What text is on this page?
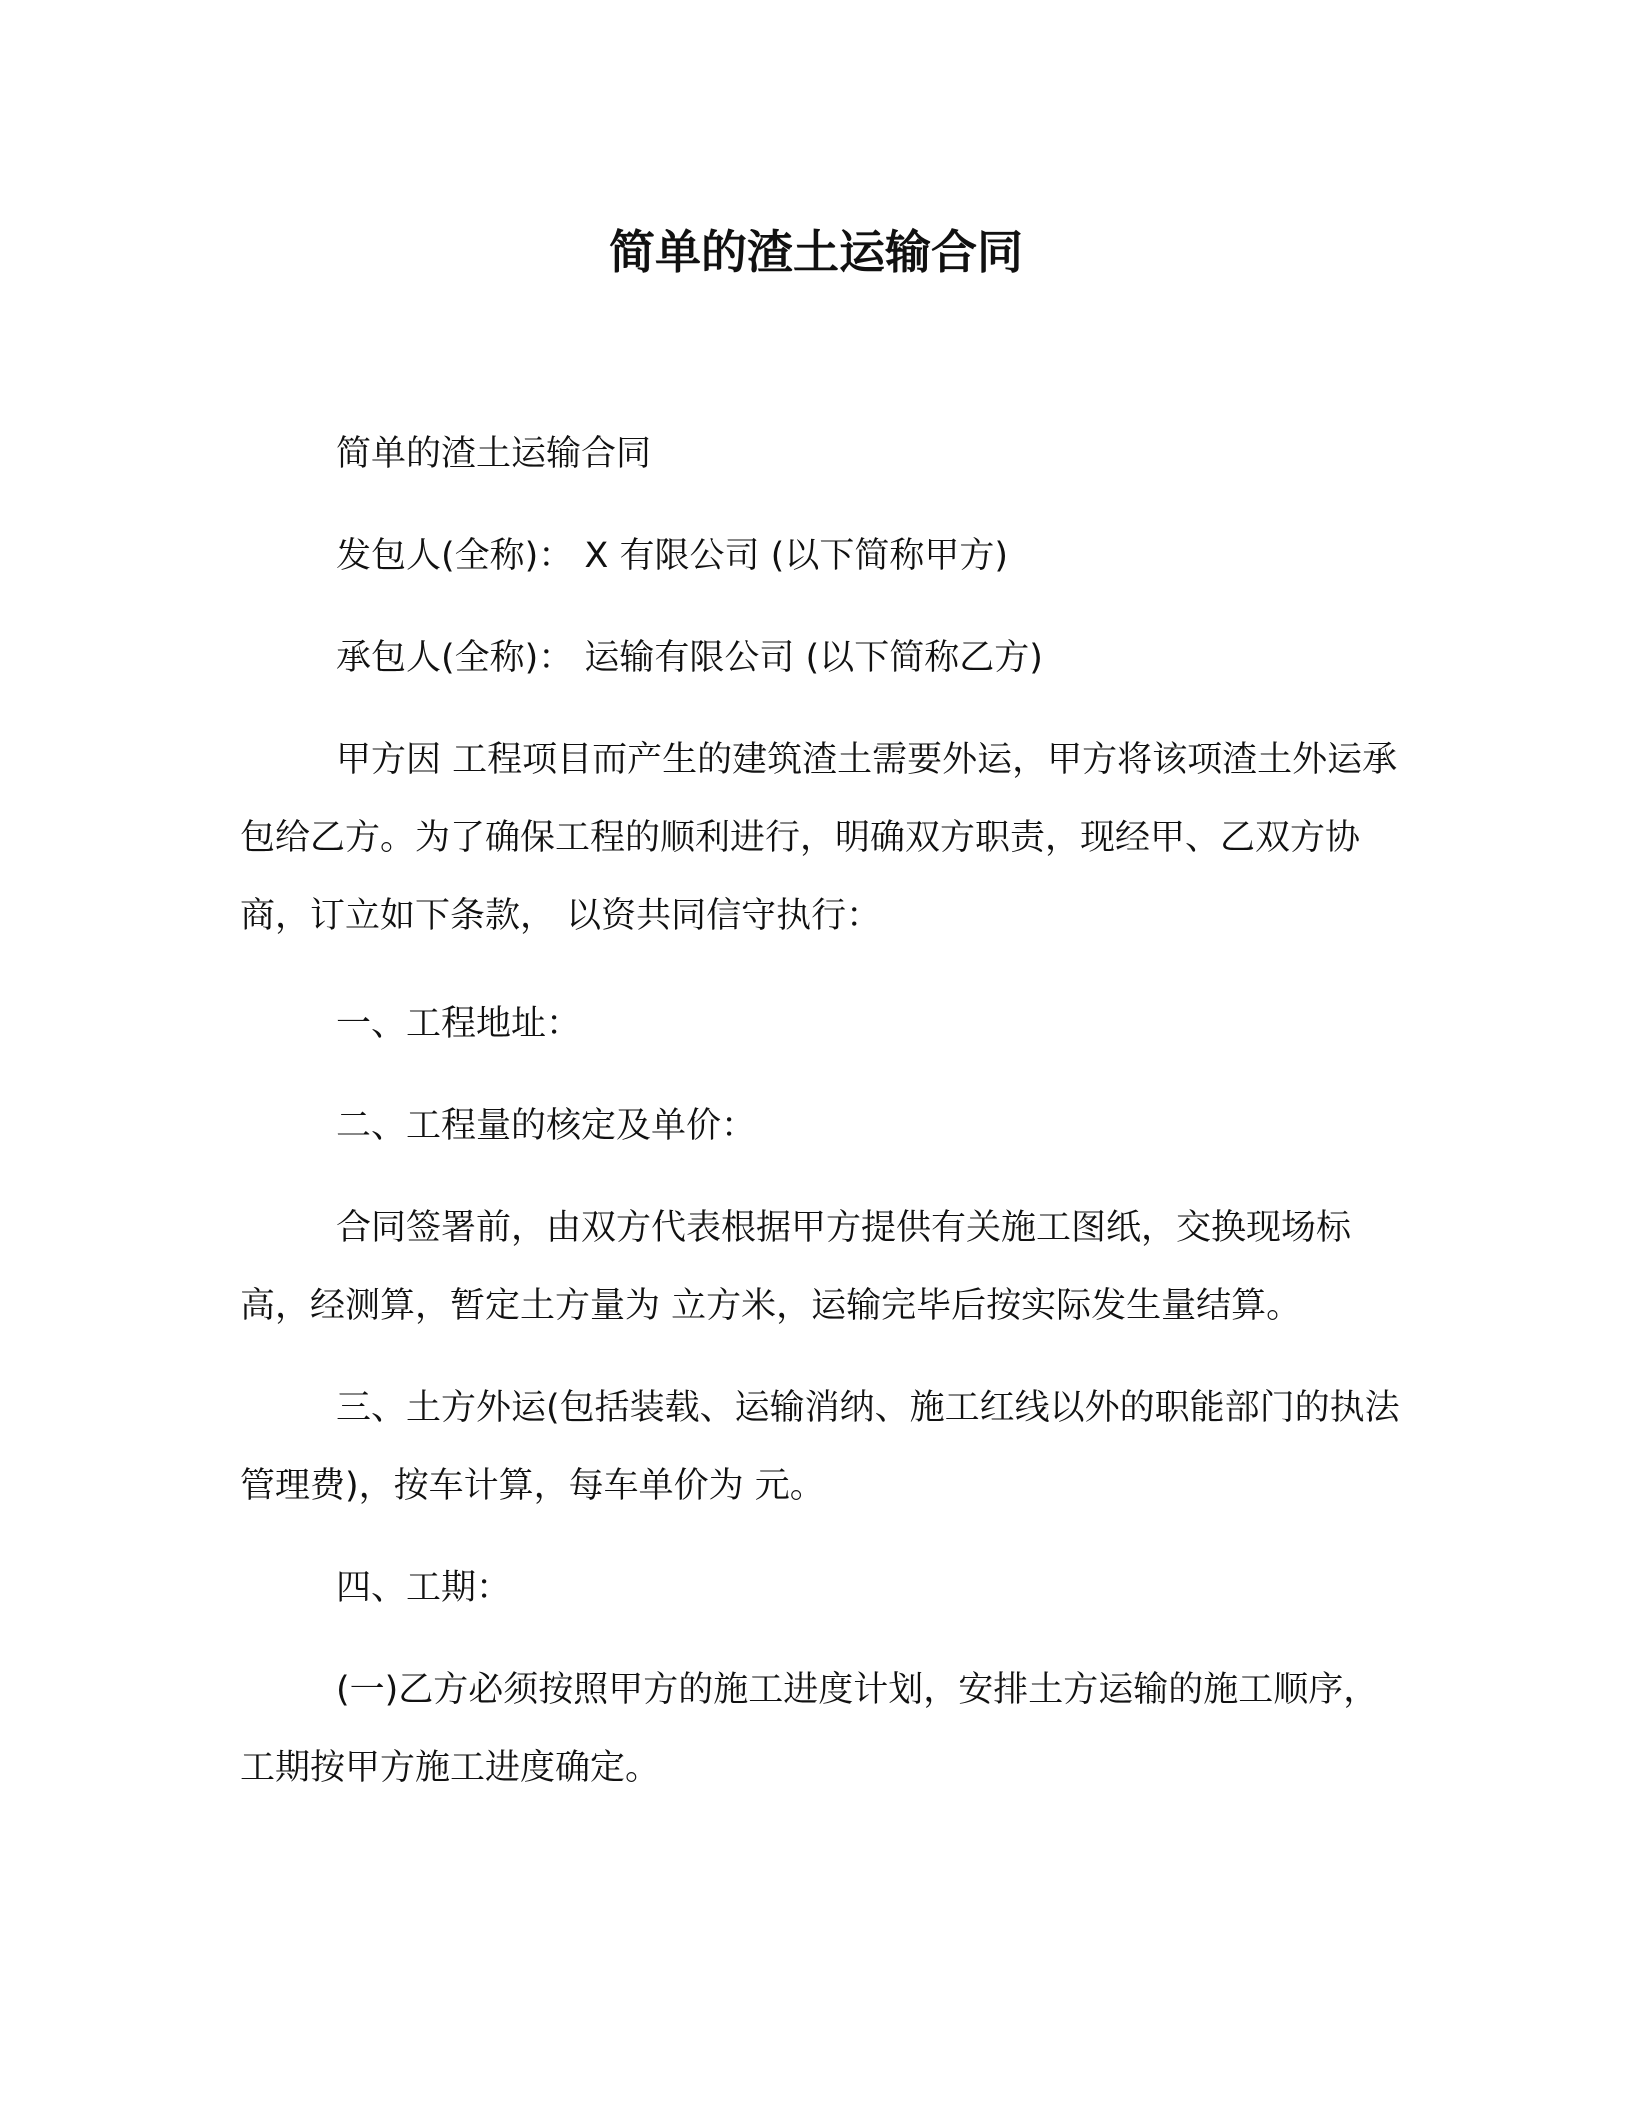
简单的渣土运输合同

简单的渣土运输合同

发包人(全称)： X 有限公司 (以下简称甲方)

承包人(全称)： 运输有限公司 (以下简称乙方)

甲方因 工程项目而产生的建筑渣土需要外运，甲方将该项渣土外运承包给乙方。为了确保工程的顺利进行，明确双方职责，现经甲、乙双方协商，订立如下条款， 以资共同信守执行：

一、工程地址：

二、工程量的核定及单价：

合同签署前，由双方代表根据甲方提供有关施工图纸，交换现场标高，经测算，暂定土方量为 立方米，运输完毕后按实际发生量结算。

三、土方外运(包括装载、运输消纳、施工红线以外的职能部门的执法管理费)，按车计算，每车单价为 元。

四、工期：

(一)乙方必须按照甲方的施工进度计划，安排土方运输的施工顺序，工期按甲方施工进度确定。
